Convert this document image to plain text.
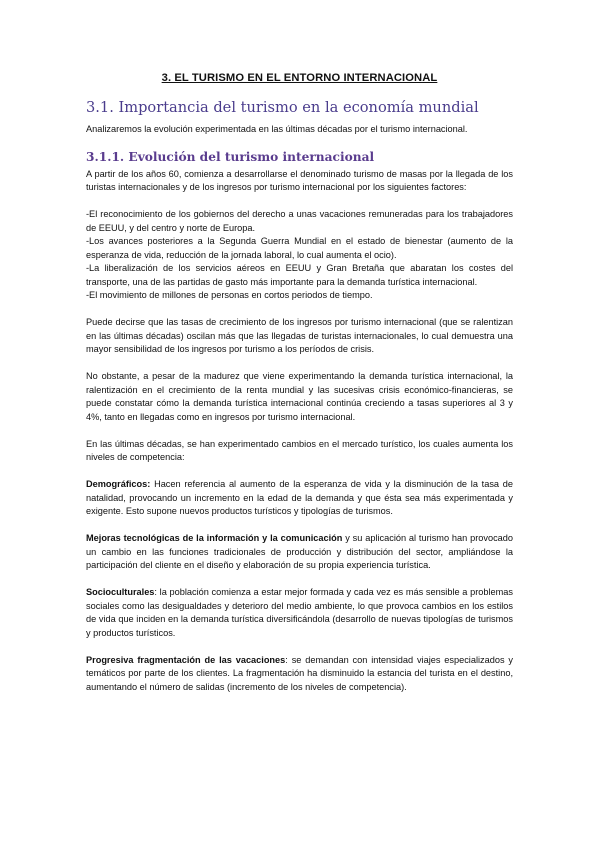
3. EL TURISMO EN EL ENTORNO INTERNACIONAL
3.1. Importancia del turismo en la economía mundial

Analizaremos la evolución experimentada en las últimas décadas por el turismo internacional.

3.1.1. Evolución del turismo internacional

A partir de los años 60, comienza a desarrollarse el denominado turismo de masas por la llegada de los turistas internacionales y de los ingresos por turismo internacional por los siguientes factores:

-El reconocimiento de los gobiernos del derecho a unas vacaciones remuneradas para los trabajadores de EEUU, y del centro y norte de Europa.

-Los avances posteriores a la Segunda Guerra Mundial en el estado de bienestar (aumento de la esperanza de vida, reducción de la jornada laboral, lo cual aumenta el ocio).

-La liberalización de los servicios aéreos en EEUU y Gran Bretaña que abaratan los costes del transporte, una de las partidas de gasto más importante para la demanda turística internacional.

-El movimiento de millones de personas en cortos periodos de tiempo.

Puede decirse que las tasas de crecimiento de los ingresos por turismo internacional (que se ralentizan en las últimas décadas) oscilan más que las llegadas de turistas internacionales, lo cual demuestra una mayor sensibilidad de los ingresos por turismo a los períodos de crisis.

No obstante, a pesar de la madurez que viene experimentando la demanda turística internacional, la ralentización en el crecimiento de la renta mundial y las sucesivas crisis económico-financieras, se puede constatar cómo la demanda turística internacional continúa creciendo a tasas superiores al 3 y 4%, tanto en llegadas como en ingresos por turismo internacional.

En las últimas décadas, se han experimentado cambios en el mercado turístico, los cuales aumenta los niveles de competencia:

Demográficos: Hacen referencia al aumento de la esperanza de vida y la disminución de la tasa de natalidad, provocando un incremento en la edad de la demanda y que ésta sea más experimentada y exigente. Esto supone nuevos productos turísticos y tipologías de turismos.

Mejoras tecnológicas de la información y la comunicación y su aplicación al turismo han provocado un cambio en las funciones tradicionales de producción y distribución del sector, ampliándose la participación del cliente en el diseño y elaboración de su propia experiencia turística.

Socioculturales: la población comienza a estar mejor formada y cada vez es más sensible a problemas sociales como las desigualdades y deterioro del medio ambiente, lo que provoca cambios en los estilos de vida que inciden en la demanda turística diversificándola (desarrollo de nuevas tipologías de turismos y productos turísticos.

Progresiva fragmentación de las vacaciones: se demandan con intensidad viajes especializados y temáticos por parte de los clientes. La fragmentación ha disminuido la estancia del turista en el destino, aumentando el número de salidas (incremento de los niveles de competencia).
